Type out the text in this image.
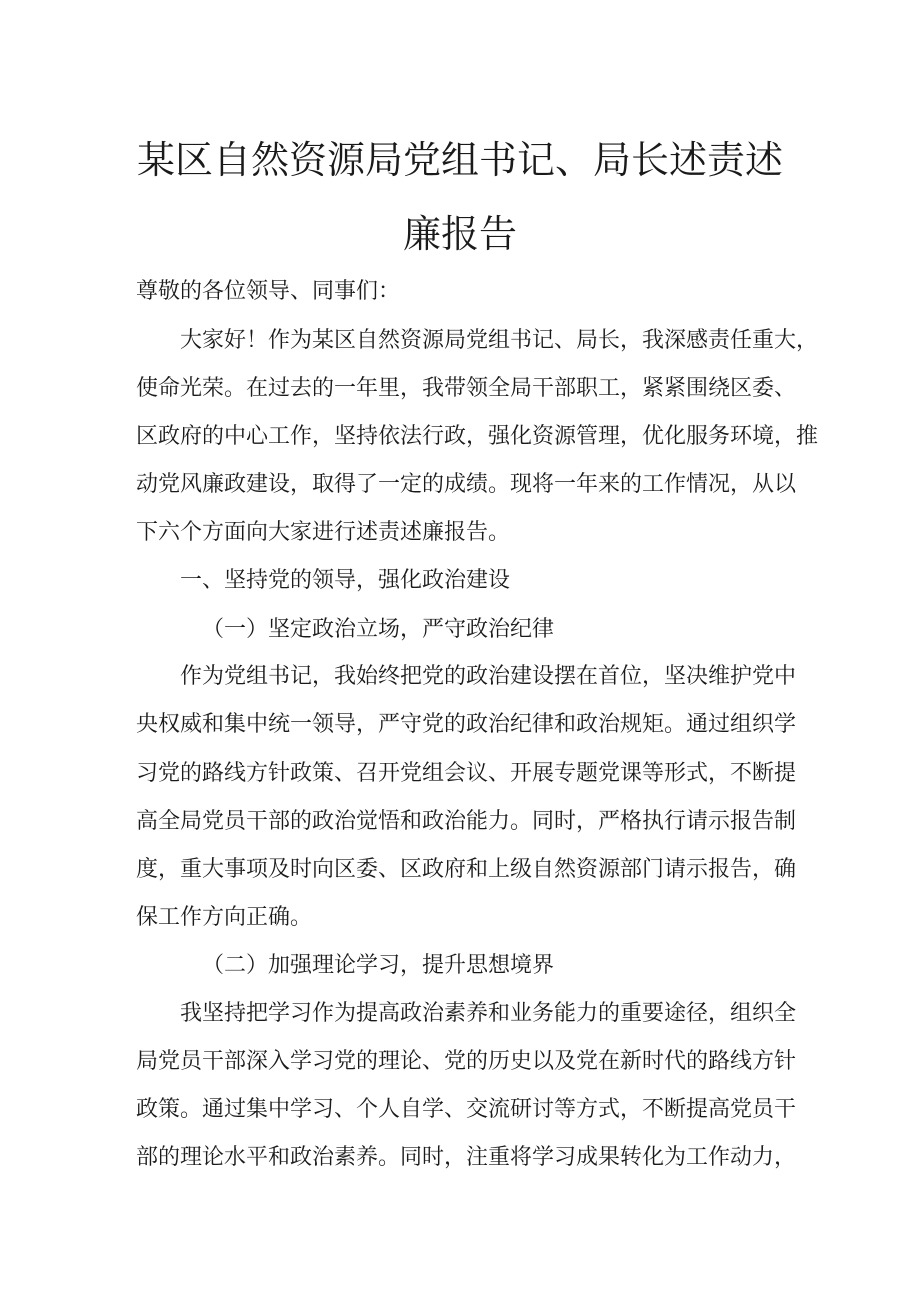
某区自然资源局党组书记、局长述责述
廉报告
尊敬的各位领导、同事们：
大家好！作为某区自然资源局党组书记、局长，我深感责任重大，
使命光荣。在过去的一年里，我带领全局干部职工，紧紧围绕区委、
区政府的中心工作，坚持依法行政，强化资源管理，优化服务环境，推
动党风廉政建设，取得了一定的成绩。现将一年来的工作情况，从以
下六个方面向大家进行述责述廉报告。
一、坚持党的领导，强化政治建设
（一）坚定政治立场，严守政治纪律
作为党组书记，我始终把党的政治建设摆在首位，坚决维护党中
央权威和集中统一领导，严守党的政治纪律和政治规矩。通过组织学
习党的路线方针政策、召开党组会议、开展专题党课等形式，不断提
高全局党员干部的政治觉悟和政治能力。同时，严格执行请示报告制
度，重大事项及时向区委、区政府和上级自然资源部门请示报告，确
保工作方向正确。
（二）加强理论学习，提升思想境界
我坚持把学习作为提高政治素养和业务能力的重要途径，组织全
局党员干部深入学习党的理论、党的历史以及党在新时代的路线方针
政策。通过集中学习、个人自学、交流研讨等方式，不断提高党员干
部的理论水平和政治素养。同时，注重将学习成果转化为工作动力，
